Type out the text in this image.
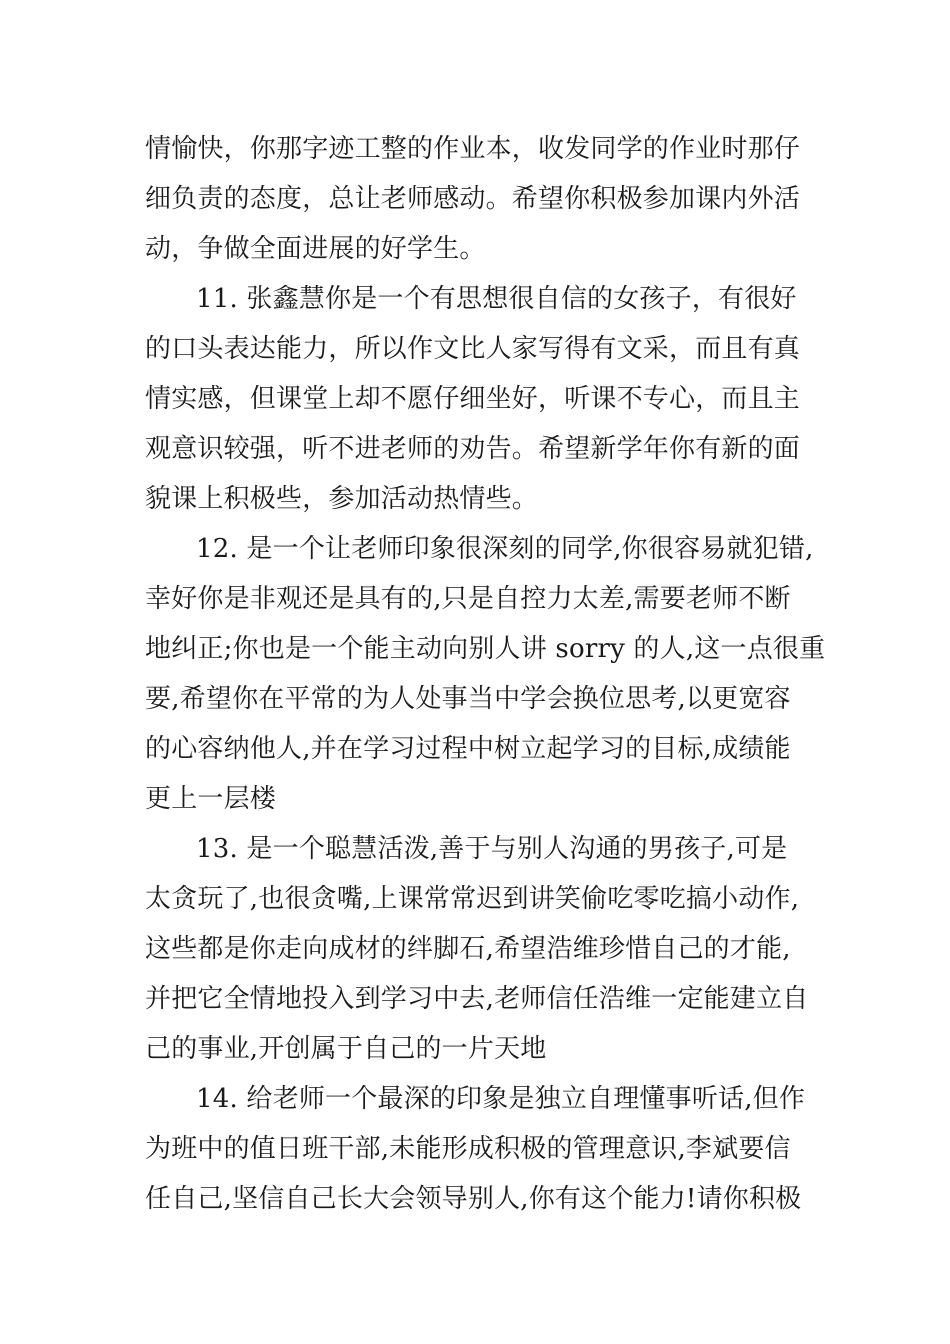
情愉快，你那字迹工整的作业本，收发同学的作业时那仔
细负责的态度，总让老师感动。希望你积极参加课内外活
动，争做全面进展的好学生。
11. 张鑫慧你是一个有思想很自信的女孩子，有很好
的口头表达能力，所以作文比人家写得有文采，而且有真
情实感，但课堂上却不愿仔细坐好，听课不专心，而且主
观意识较强，听不进老师的劝告。希望新学年你有新的面
貌课上积极些，参加活动热情些。
12. 是一个让老师印象很深刻的同学,你很容易就犯错,
幸好你是非观还是具有的,只是自控力太差,需要老师不断
地纠正;你也是一个能主动向别人讲 sorry 的人,这一点很重
要,希望你在平常的为人处事当中学会换位思考,以更宽容
的心容纳他人,并在学习过程中树立起学习的目标,成绩能
更上一层楼
13. 是一个聪慧活泼,善于与别人沟通的男孩子,可是
太贪玩了,也很贪嘴,上课常常迟到讲笑偷吃零吃搞小动作,
这些都是你走向成材的绊脚石,希望浩维珍惜自己的才能,
并把它全情地投入到学习中去,老师信任浩维一定能建立自
己的事业,开创属于自己的一片天地
14. 给老师一个最深的印象是独立自理懂事听话,但作
为班中的值日班干部,未能形成积极的管理意识,李斌要信
任自己,坚信自己长大会领导别人,你有这个能力!请你积极
